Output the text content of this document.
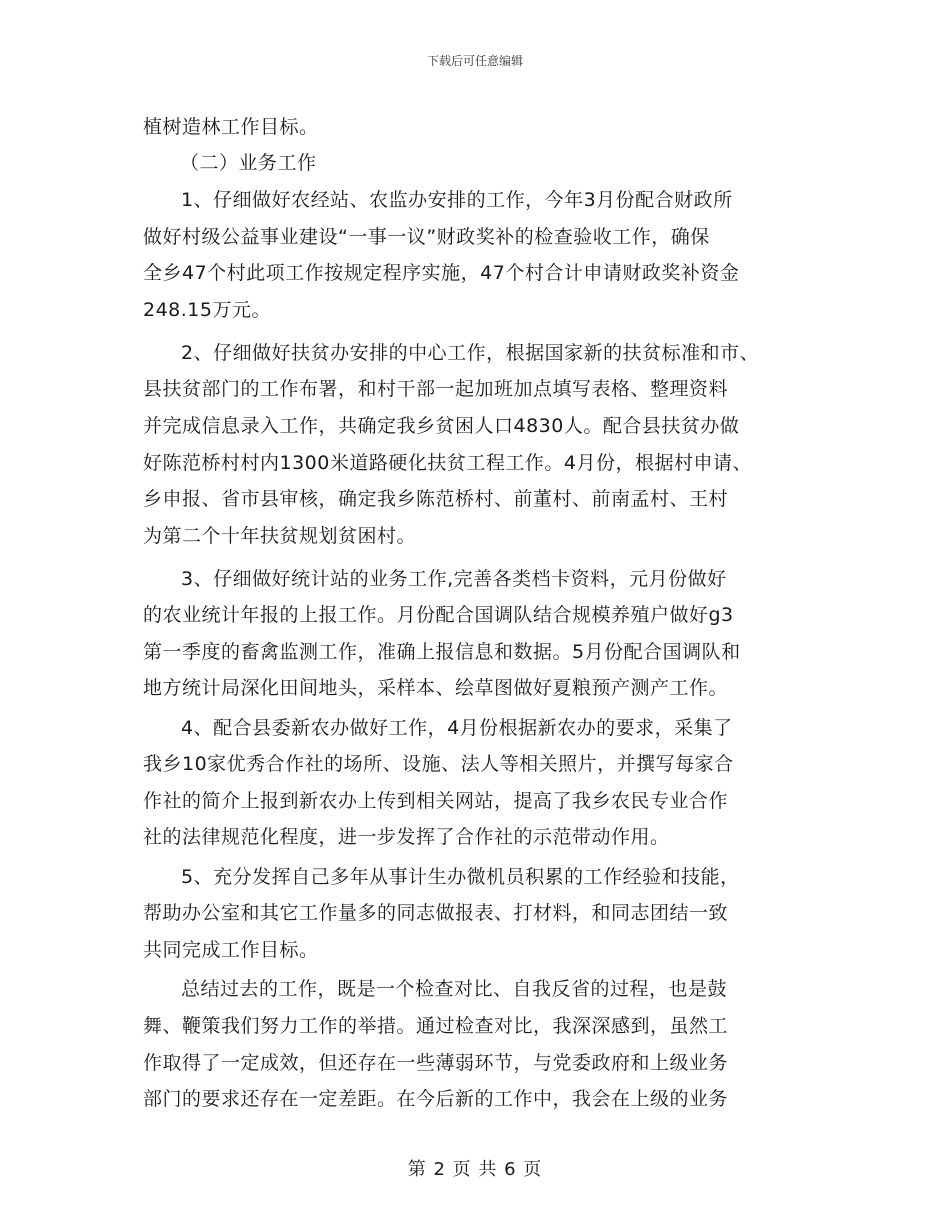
下载后可任意编辑
植树造林工作目标。
（二）业务工作
1、仔细做好农经站、农监办安排的工作，今年3月份配合财政所
做好村级公益事业建设“一事一议”财政奖补的检查验收工作，确保
全乡47个村此项工作按规定程序实施，47个村合计申请财政奖补资金
248.15万元。
2、仔细做好扶贫办安排的中心工作，根据国家新的扶贫标准和市、
县扶贫部门的工作布署，和村干部一起加班加点填写表格、整理资料
并完成信息录入工作，共确定我乡贫困人口4830人。配合县扶贫办做
好陈范桥村村内1300米道路硬化扶贫工程工作。4月份，根据村申请、
乡申报、省市县审核，确定我乡陈范桥村、前董村、前南孟村、王村
为第二个十年扶贫规划贫困村。
3、仔细做好统计站的业务工作,完善各类档卡资料，元月份做好
的农业统计年报的上报工作。月份配合国调队结合规模养殖户做好g3
第一季度的畜禽监测工作，准确上报信息和数据。5月份配合国调队和
地方统计局深化田间地头，采样本、绘草图做好夏粮预产测产工作。
4、配合县委新农办做好工作，4月份根据新农办的要求，采集了
我乡10家优秀合作社的场所、设施、法人等相关照片，并撰写每家合
作社的简介上报到新农办上传到相关网站，提高了我乡农民专业合作
社的法律规范化程度，进一步发挥了合作社的示范带动作用。
5、充分发挥自己多年从事计生办微机员积累的工作经验和技能，
帮助办公室和其它工作量多的同志做报表、打材料，和同志团结一致
共同完成工作目标。
总结过去的工作，既是一个检查对比、自我反省的过程，也是鼓
舞、鞭策我们努力工作的举措。通过检查对比，我深深感到，虽然工
作取得了一定成效，但还存在一些薄弱环节，与党委政府和上级业务
部门的要求还存在一定差距。在今后新的工作中，我会在上级的业务
第 2 页 共 6 页
